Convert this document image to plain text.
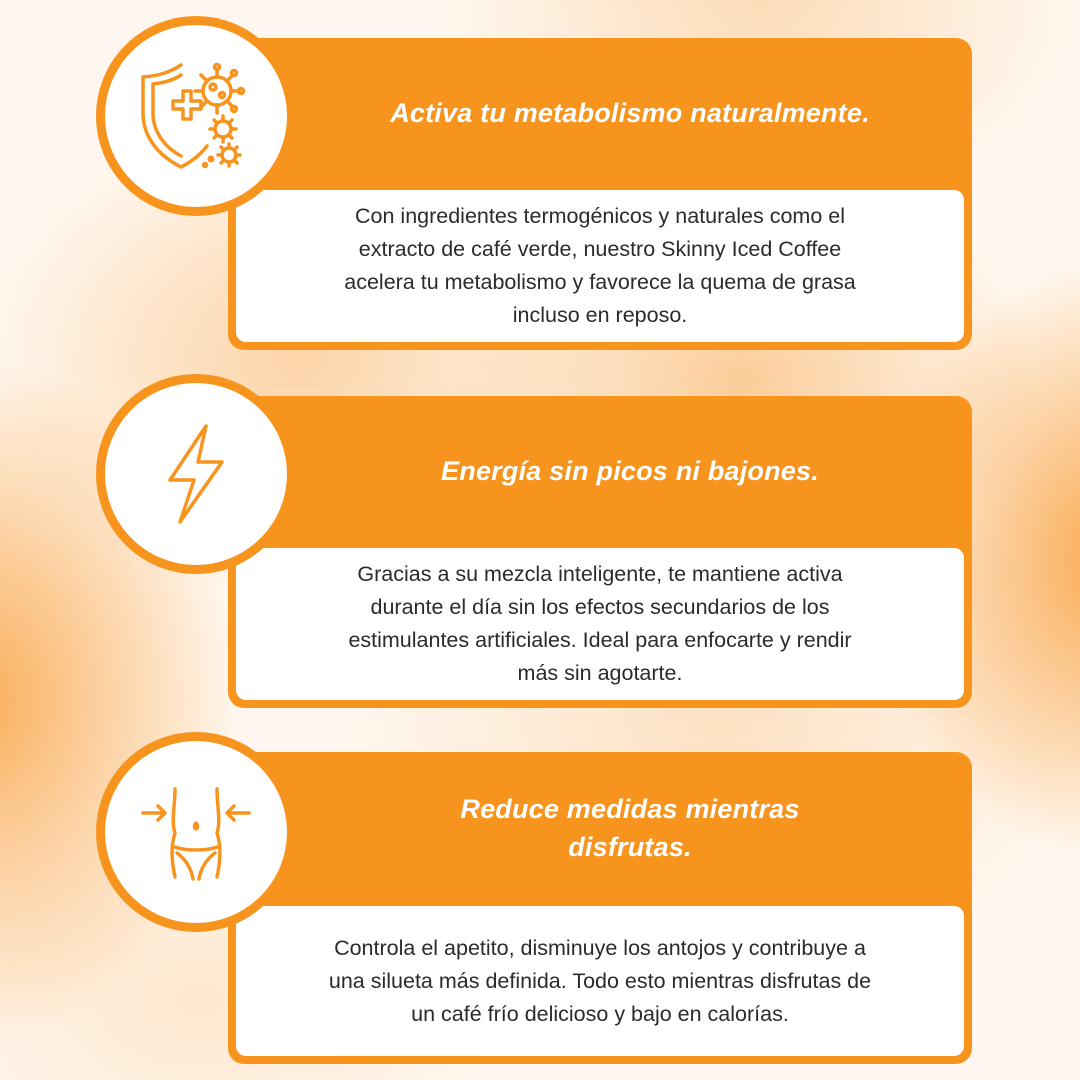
Activa tu metabolismo naturalmente.
Con ingredientes termogénicos y naturales como el
extracto de café verde, nuestro Skinny Iced Coffee
acelera tu metabolismo y favorece la quema de grasa
incluso en reposo.
Energía sin picos ni bajones.
Gracias a su mezcla inteligente, te mantiene activa
durante el día sin los efectos secundarios de los
estimulantes artificiales. Ideal para enfocarte y rendir
más sin agotarte.
Reduce medidas mientras
disfrutas.
Controla el apetito, disminuye los antojos y contribuye a
una silueta más definida. Todo esto mientras disfrutas de
un café frío delicioso y bajo en calorías.
